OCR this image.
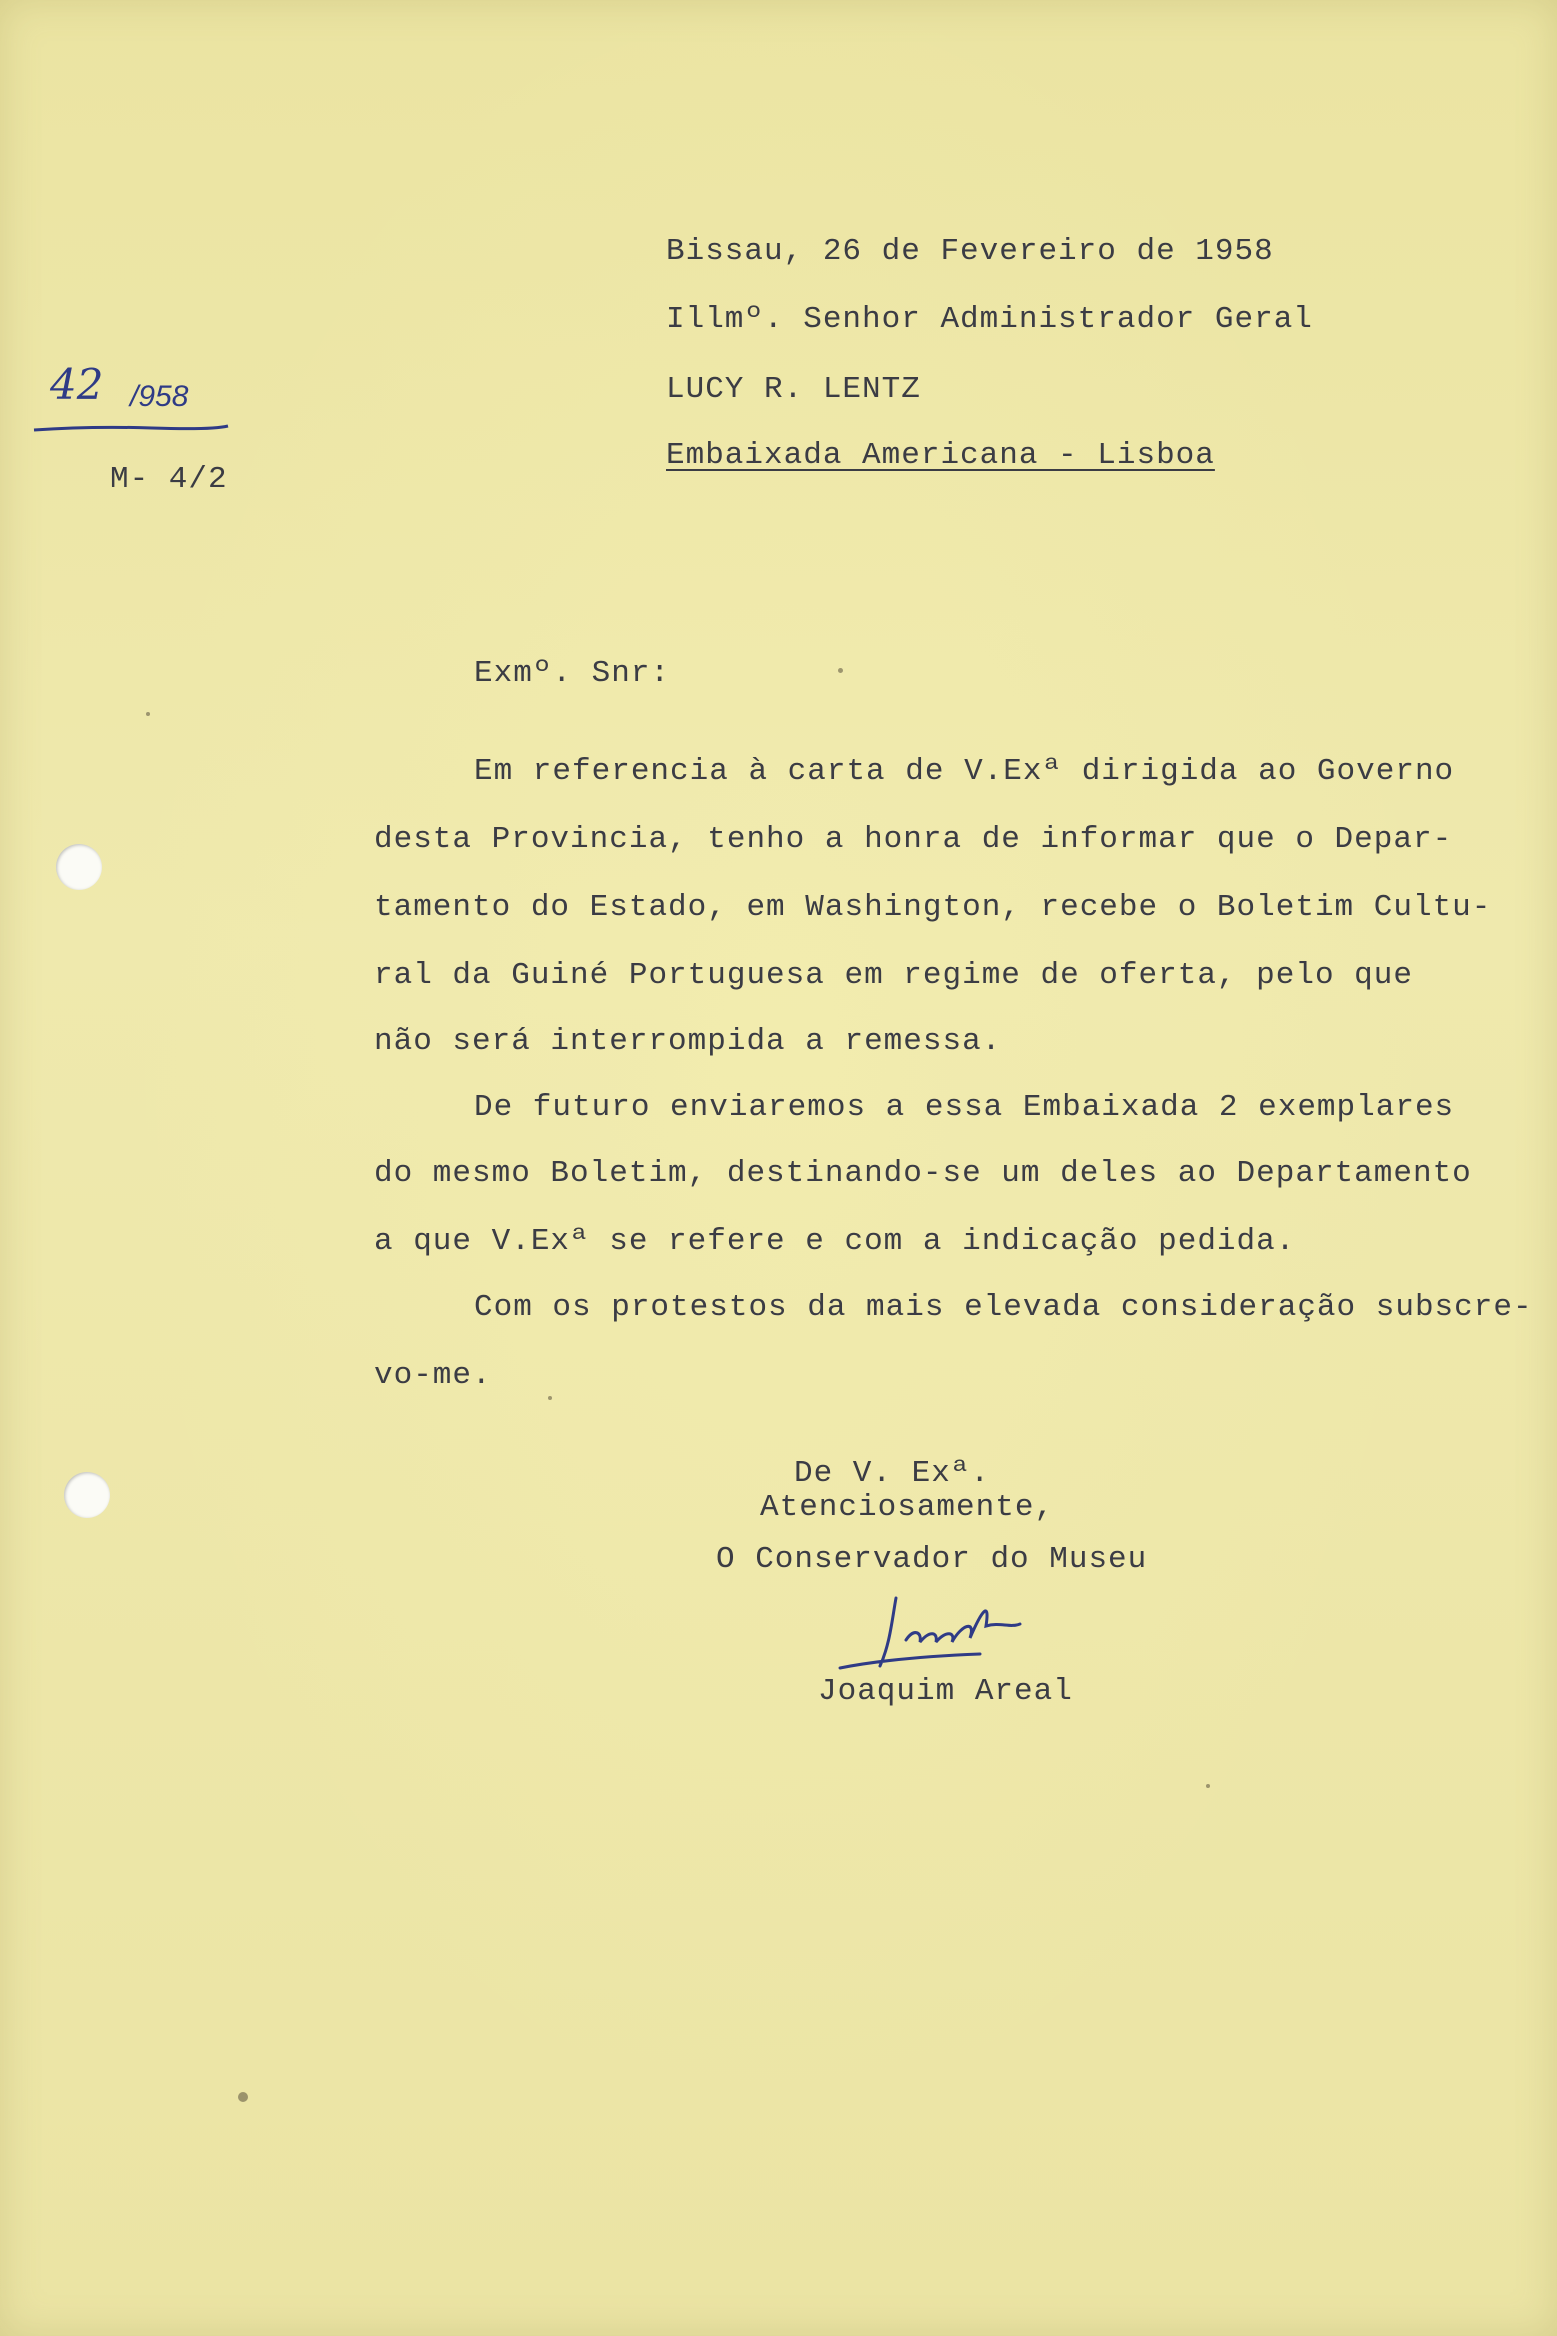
42 /958
M- 4/2
Bissau, 26 de Fevereiro de 1958
Illmº. Senhor Administrador Geral
LUCY R. LENTZ
Embaixada Americana - Lisboa
Exmº. Snr:
Em referencia à carta de V.Exª dirigida ao Governo
desta Provincia, tenho a honra de informar que o Depar-
tamento do Estado, em Washington, recebe o Boletim Cultu-
ral da Guiné Portuguesa em regime de oferta, pelo que
não será interrompida a remessa.
De futuro enviaremos a essa Embaixada 2 exemplares
do mesmo Boletim, destinando-se um deles ao Departamento
a que V.Exª se refere e com a indicação pedida.
Com os protestos da mais elevada consideração subscre-
vo-me.
De V. Exª.
Atenciosamente,
O Conservador do Museu
Joaquim Areal
